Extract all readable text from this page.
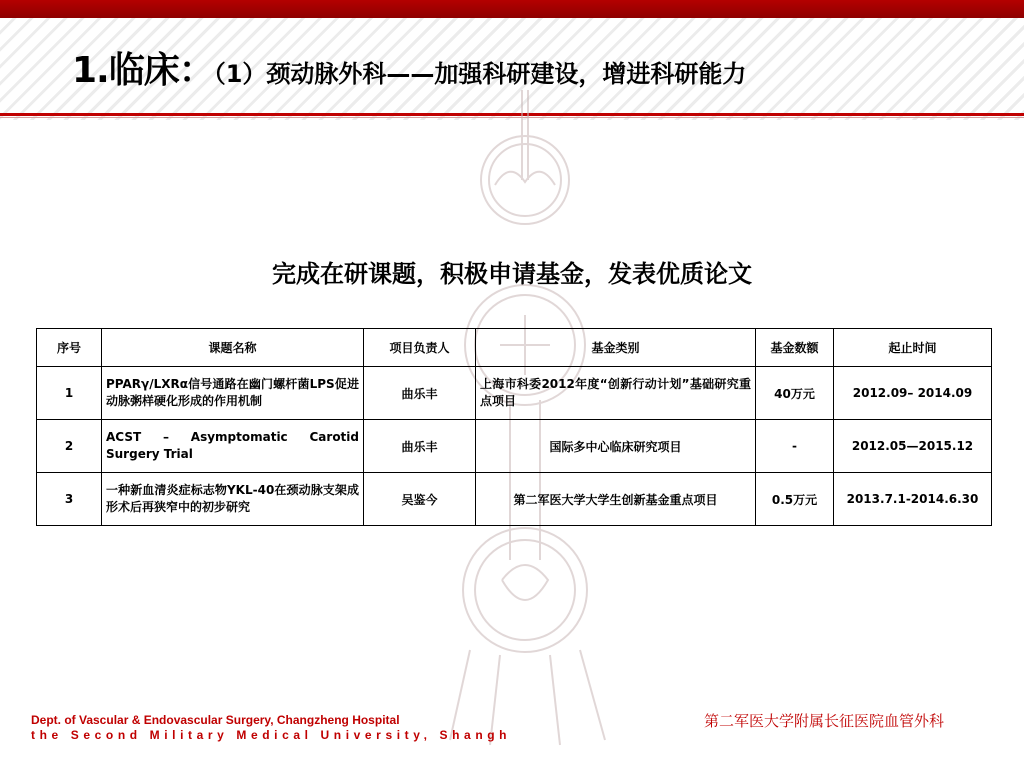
1.临床：（1）颈动脉外科——加强科研建设，增进科研能力
完成在研课题，积极申请基金，发表优质论文
序号	课题名称	项目负责人	基金类别	基金数额	起止时间
1	PPARγ/LXRα信号通路在幽门螺杆菌LPS促进动脉粥样硬化形成的作用机制	曲乐丰	上海市科委2012年度“创新行动计划”基础研究重点项目	40万元	2012.09– 2014.09
2	ACST – Asymptomatic Carotid Surgery Trial	曲乐丰	国际多中心临床研究项目	-	2012.05—2015.12
3	一种新血清炎症标志物YKL-40在颈动脉支架成形术后再狭窄中的初步研究	吴鉴今	第二军医大学大学生创新基金重点项目	0.5万元	2013.7.1-2014.6.30
Dept. of Vascular & Endovascular Surgery, Changzheng Hospital
the Second Military Medical University, Shangh
第二军医大学附属长征医院血管外科
